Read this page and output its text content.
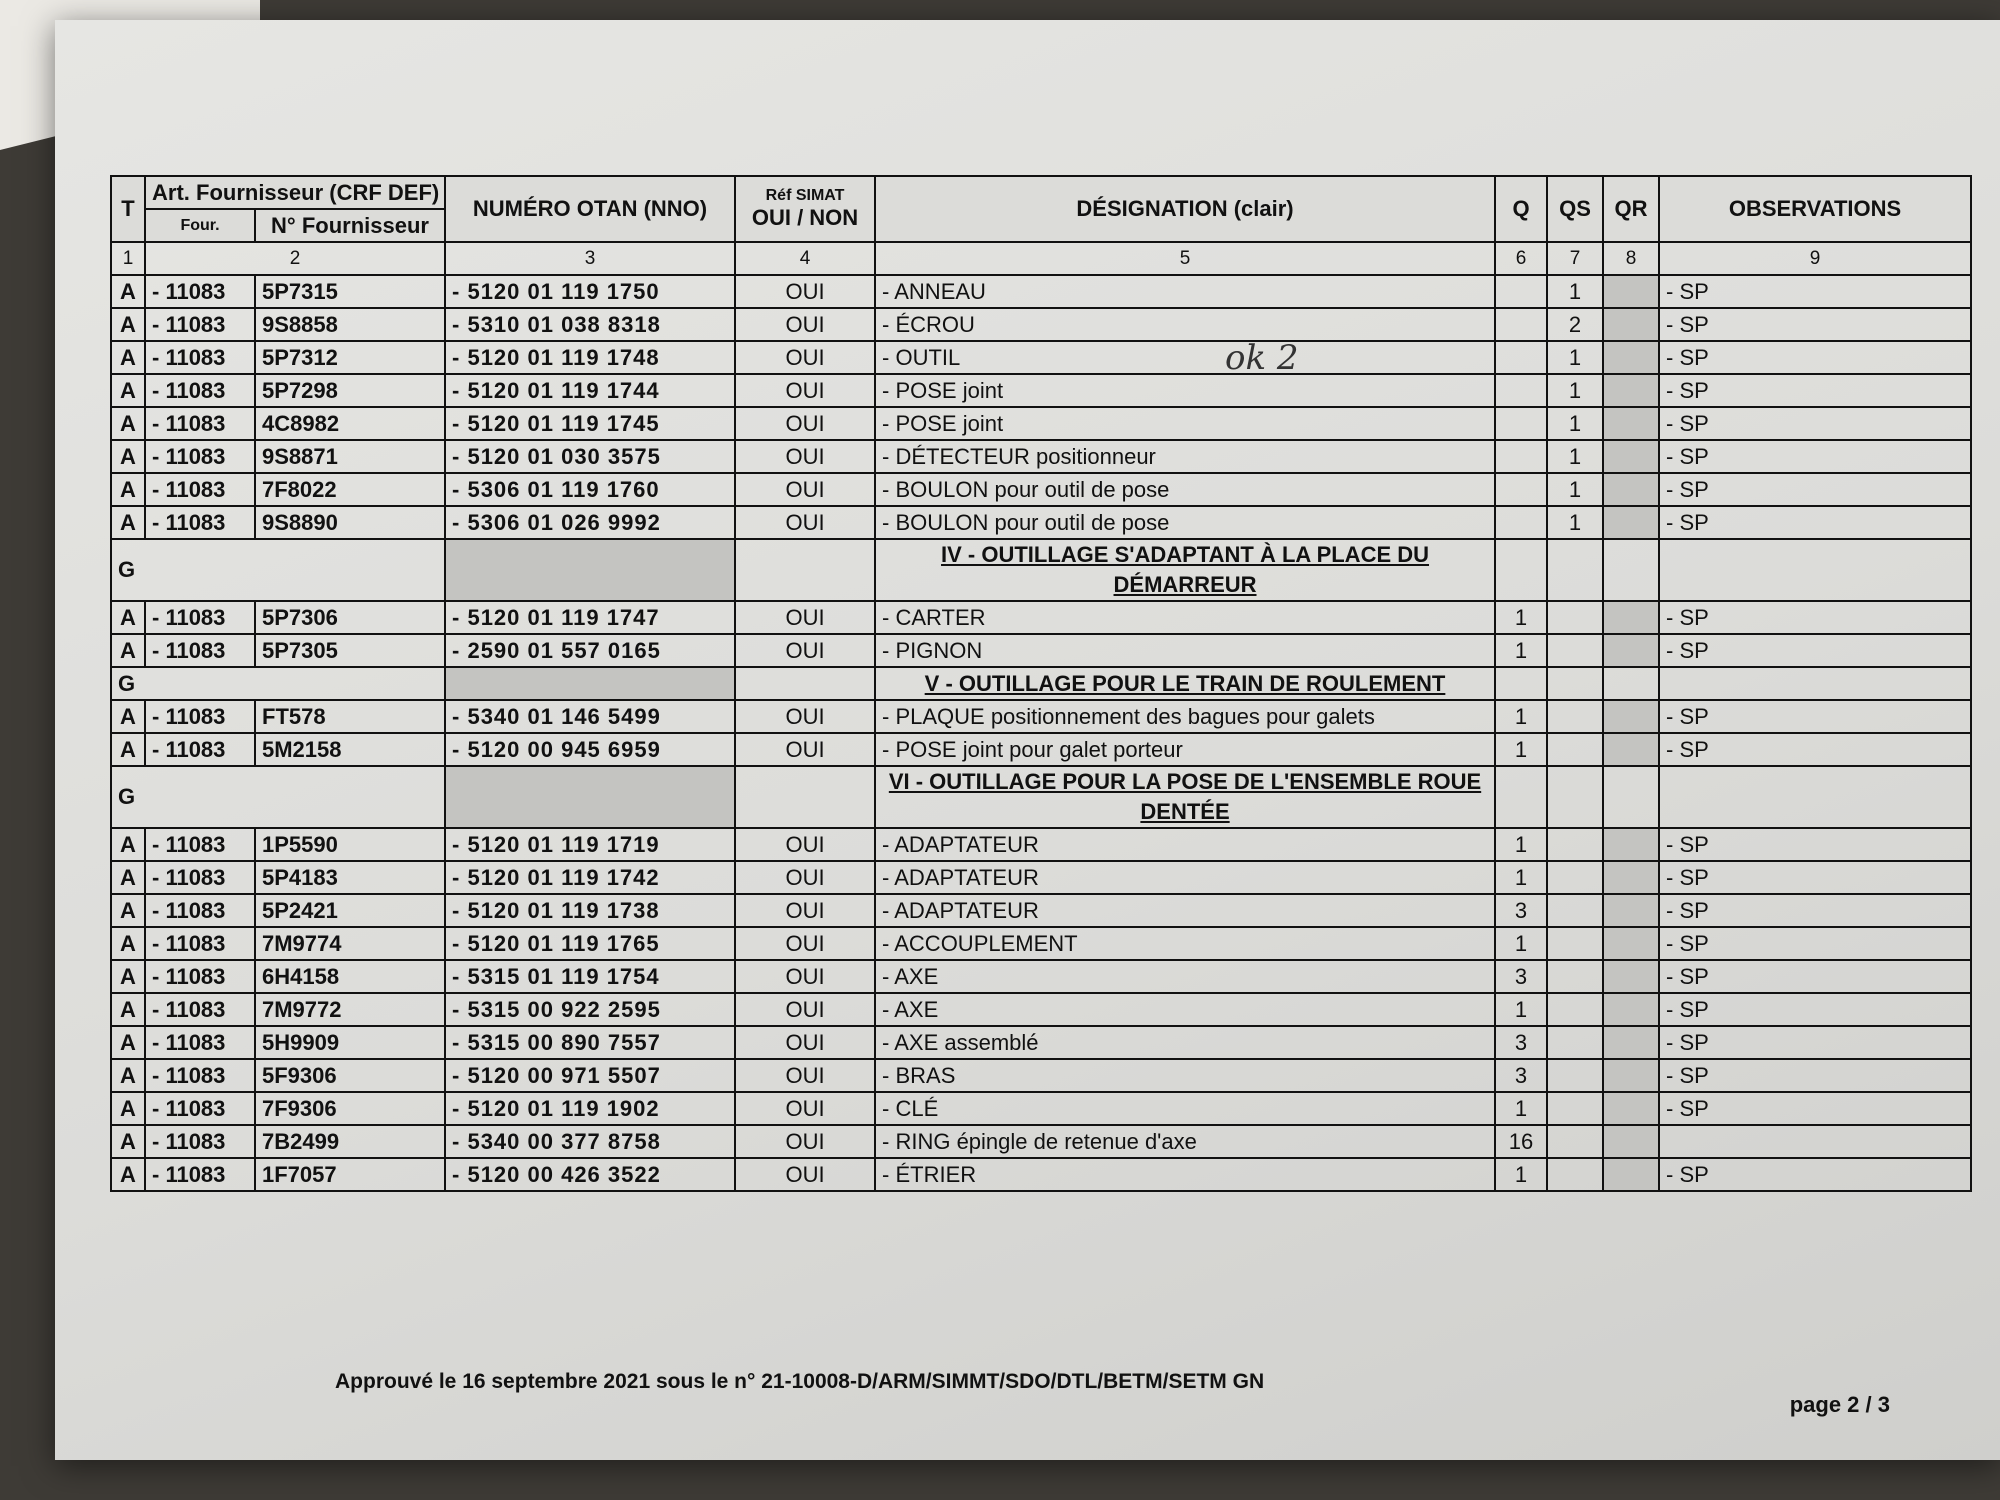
T	Art. Fournisseur (CRF DEF)		NUMÉRO OTAN (NNO)	Réf SIMAT
OUI / NON	DÉSIGNATION (clair)	Q	QS	QR	OBSERVATIONS
	Four.	N° Fournisseur							
1	2		3	4	5	6	7	8	9
A	- 11083	5P7315	- 5120 01 119 1750	OUI	- ANNEAU		1		- SP
A	- 11083	9S8858	- 5310 01 038 8318	OUI	- ÉCROU		2		- SP
A	- 11083	5P7312	- 5120 01 119 1748	OUI	- OUTIL		1		- SP
A	- 11083	5P7298	- 5120 01 119 1744	OUI	- POSE joint		1		- SP
A	- 11083	4C8982	- 5120 01 119 1745	OUI	- POSE joint		1		- SP
A	- 11083	9S8871	- 5120 01 030 3575	OUI	- DÉTECTEUR positionneur		1		- SP
A	- 11083	7F8022	- 5306 01 119 1760	OUI	- BOULON pour outil de pose		1		- SP
A	- 11083	9S8890	- 5306 01 026 9992	OUI	- BOULON pour outil de pose		1		- SP
G					IV - OUTILLAGE S'ADAPTANT À LA PLACE DU DÉMARREUR				
A	- 11083	5P7306	- 5120 01 119 1747	OUI	- CARTER	1			- SP
A	- 11083	5P7305	- 2590 01 557 0165	OUI	- PIGNON	1			- SP
G					V - OUTILLAGE POUR LE TRAIN DE ROULEMENT				
A	- 11083	FT578	- 5340 01 146 5499	OUI	- PLAQUE positionnement des bagues pour galets	1			- SP
A	- 11083	5M2158	- 5120 00 945 6959	OUI	- POSE joint pour galet porteur	1			- SP
G					VI - OUTILLAGE POUR LA POSE DE L'ENSEMBLE ROUE DENTÉE				
A	- 11083	1P5590	- 5120 01 119 1719	OUI	- ADAPTATEUR	1			- SP
A	- 11083	5P4183	- 5120 01 119 1742	OUI	- ADAPTATEUR	1			- SP
A	- 11083	5P2421	- 5120 01 119 1738	OUI	- ADAPTATEUR	3			- SP
A	- 11083	7M9774	- 5120 01 119 1765	OUI	- ACCOUPLEMENT	1			- SP
A	- 11083	6H4158	- 5315 01 119 1754	OUI	- AXE	3			- SP
A	- 11083	7M9772	- 5315 00 922 2595	OUI	- AXE	1			- SP
A	- 11083	5H9909	- 5315 00 890 7557	OUI	- AXE assemblé	3			- SP
A	- 11083	5F9306	- 5120 00 971 5507	OUI	- BRAS	3			- SP
A	- 11083	7F9306	- 5120 01 119 1902	OUI	- CLÉ	1			- SP
A	- 11083	7B2499	- 5340 00 377 8758	OUI	- RING épingle de retenue d'axe	16			
A	- 11083	1F7057	- 5120 00 426 3522	OUI	- ÉTRIER	1			- SP
ok 2
Approuvé le 16 septembre 2021 sous le n° 21-10008-D/ARM/SIMMT/SDO/DTL/BETM/SETM GN
page 2 / 3
